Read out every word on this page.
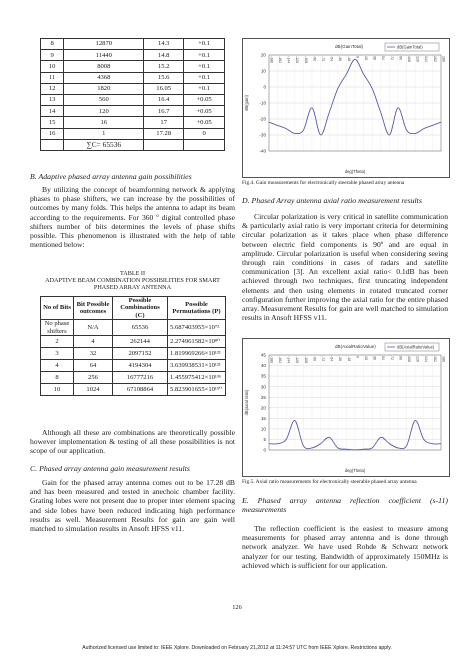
8	12870	14.3	+0.1
9	11440	14.8	+0.1
10	8008	15.2	+0.1
11	4368	15.6	+0.1
12	1820	16.05	+0.1
13	560	16.4	+0.05
14	120	16.7	+0.05
15	16	17	+0.05
16	1	17.28	0
	∑C= 65536		
B. Adaptive phased array antenna gain possibilities

By utilizing the concept of beamforming network & applying phases to phase shifters, we can increase by the possibilities of outcomes by many folds. This helps the antenna to adapt its beam according to the requirements. For 360 º digital controlled phase shifters number of bits determines the levels of phase shifts possible. This phenomenon is illustrated with the help of table mentioned below:

TABLE II
ADAPTIVE BEAM COMBINATION POSSIBILITIES FOR SMART
PHASED ARRAY ANTENNA
No of Bits	Bit Possible outcomes	Possible Combinations (C)	Possible Permutations (P)
No phase shifters	N/A	65536	5.687403955×10⁷²
2	4	262144	2.274961582×10⁸⁰
3	32	2097152	1.819969266×10¹²¹
4	64	4194304	3.639938531×10¹²¹
8	256	16777216	1.455975412×10¹³⁶
10	1024	67108864	5.823901655×10¹⁵⁰

Although all these are combinations are theoretically possible however implementation & testing of all these possibilities is not scope of our application.

C. Phased array antenna gain measurement results

Gain for the phased array antenna comes out to be 17.28 dB and has been measured and tested in anechoic chamber facility. Grating lobes were not present due to proper inter element spacing and side lobes have been reduced indicating high performance results as well. Measurement Results for gain are gain well matched to simulation results in Ansoft HFSS v11.

dB(GainTotal)	dB(GainTotal)
20
10
0
-10
-20
-30
-40
-180 -162 -144 -126 -108 -90 -72 -54 -36 -18 0 18 36 54 72 90 108 126 144 162 180
dB(gain)
deg(Theta)
Fig.4. Gain measurements for electronically steerable phased array antenna
D. Phased Array antenna axial ratio measurement results

Circular polarization is very critical in satellite communication & particularly axial ratio is very important criteria for determining circular polarization as it takes place when phase difference between electric field components is 90º and are equal in amplitude. Circular polarization is useful when considering seeing through rain conditions in cases of radars and satellite communication [3]. An excellent axial ratio< 0.1dB has been achieved through two techniques, first truncating independent elements and then using elements in rotated truncated corner configuration further improving the axial ratio for the entire phased array. Measurement Results for gain are well matched to simulation results in Ansoft HFSS v11.

dB(AxialRatioValue)	dB(AxialRatioValue)
45
40
35
30
25
20
15
10
5
0
-180 -162 -144 -126 -108 -90 -72 -54 -36 -18 0 18 36 54 72 90 108 126 144 162 180
dB(axial ratio)
deg(Theta)
Fig.5. Axial ratio measurements for electronically steerable phased array antenna
E. Phased array antenna reflection coefficient (s-11) measurements

The reflection coefficient is the easiest to measure among measurements for phased array antenna and is done through network analyzer. We have used Rohde & Schwarz network analyzer for our testing. Bandwidth of approximately 150MHz is achieved which is sufficient for our application.

126
Authorized licensed use limited to: IEEE Xplore. Downloaded on February 21,2012 at 11:24:57 UTC from IEEE Xplore. Restrictions apply.
